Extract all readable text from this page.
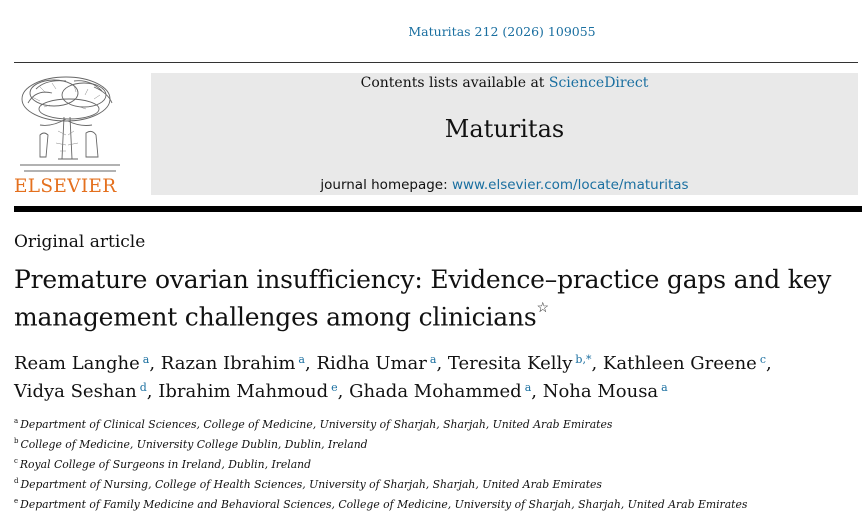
Maturitas 212 (2026) 109055
ELSEVIER
Contents lists available at ScienceDirect
Maturitas
journal homepage: www.elsevier.com/locate/maturitas
Original article
Premature ovarian insufficiency: Evidence–practice gaps and key management challenges among clinicians☆
Ream Langhe $^a$, Razan Ibrahim $^a$, Ridha Umar $^a$, Teresita Kelly $^{b,*}$, Kathleen Greene $^c$,
Vidya Seshan $^d$, Ibrahim Mahmoud $^e$, Ghada Mohammed $^a$, Noha Mousa $^a$
$^a$ Department of Clinical Sciences, College of Medicine, University of Sharjah, Sharjah, United Arab Emirates
$^b$ College of Medicine, University College Dublin, Dublin, Ireland
$^c$ Royal College of Surgeons in Ireland, Dublin, Ireland
$^d$ Department of Nursing, College of Health Sciences, University of Sharjah, Sharjah, United Arab Emirates
$^e$ Department of Family Medicine and Behavioral Sciences, College of Medicine, University of Sharjah, Sharjah, United Arab Emirates
